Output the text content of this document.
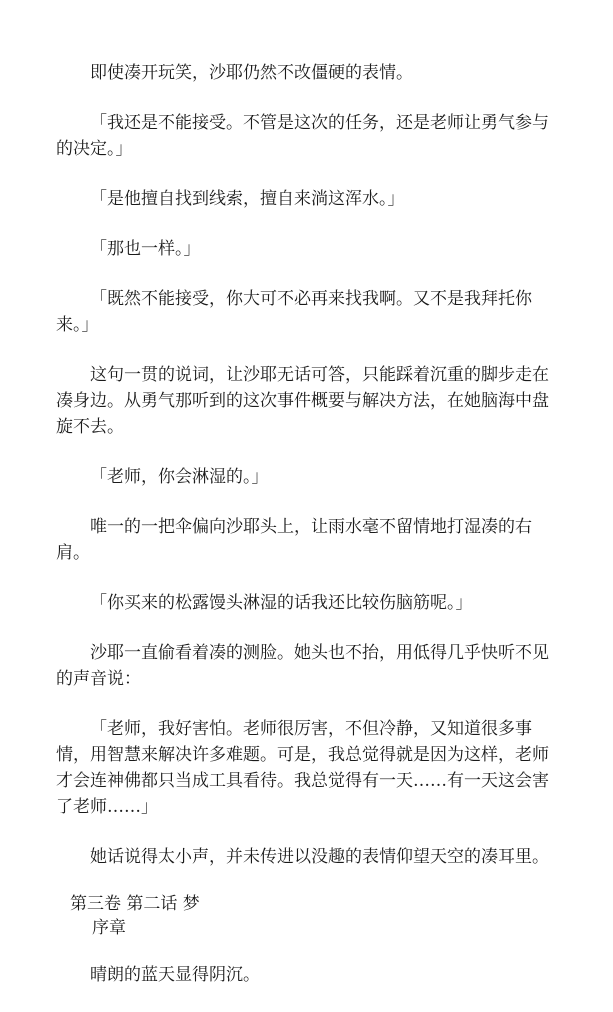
即使凑开玩笑，沙耶仍然不改僵硬的表情。

「我还是不能接受。不管是这次的任务，还是老师让勇气参与的决定。」

「是他擅自找到线索，擅自来淌这浑水。」

「那也一样。」

「既然不能接受，你大可不必再来找我啊。又不是我拜托你来。」

这句一贯的说词，让沙耶无话可答，只能踩着沉重的脚步走在凑身边。从勇气那听到的这次事件概要与解决方法，在她脑海中盘旋不去。

「老师，你会淋湿的。」

唯一的一把伞偏向沙耶头上，让雨水毫不留情地打湿凑的右肩。

「你买来的松露馒头淋湿的话我还比较伤脑筋呢。」

沙耶一直偷看着凑的测脸。她头也不抬，用低得几乎快听不见的声音说：

「老师，我好害怕。老师很厉害，不但冷静，又知道很多事情，用智慧来解决许多难题。可是，我总觉得就是因为这样，老师才会连神佛都只当成工具看待。我总觉得有一天……有一天这会害了老师……」

她话说得太小声，并未传进以没趣的表情仰望天空的凑耳里。

第三卷 第二话 梦
序章

晴朗的蓝天显得阴沉。
